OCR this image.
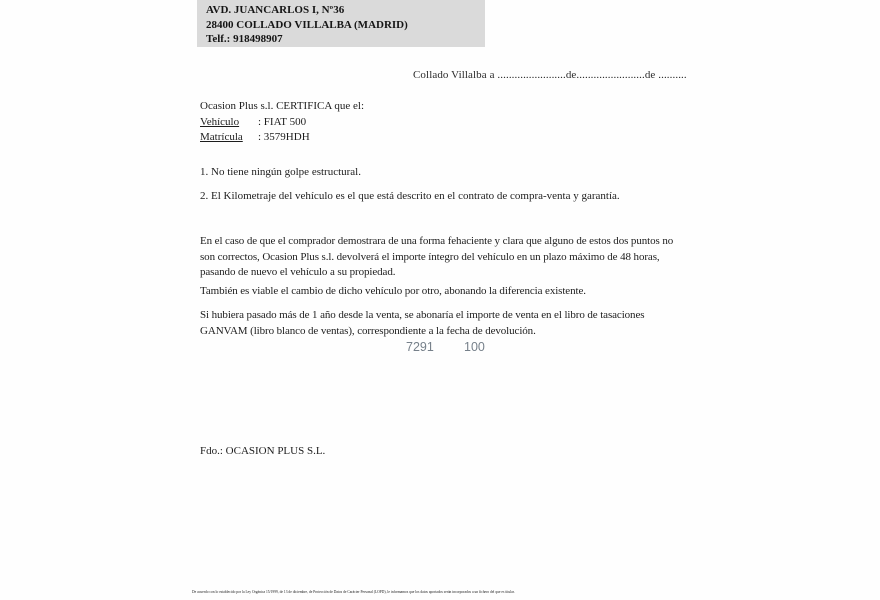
AVD. JUANCARLOS I, Nº36
28400 COLLADO VILLALBA (MADRID)
Telf.: 918498907
Collado Villalba a ........................de........................de ..........
Ocasion Plus s.l. CERTIFICA que el:
Vehículo : FIAT 500
Matrícula : 3579HDH
1. No tiene ningún golpe estructural.
2. El Kilometraje del vehículo es el que está descrito en el contrato de compra-venta y garantía.
En el caso de que el comprador demostrara de una forma fehaciente y clara que alguno de estos dos puntos no
son correctos, Ocasion Plus s.l. devolverá el importe íntegro del vehículo en un plazo máximo de 48 horas,
pasando de nuevo el vehículo a su propiedad.
También es viable el cambio de dicho vehículo por otro, abonando la diferencia existente.
Si hubiera pasado más de 1 año desde la venta, se abonaría el importe de venta en el libro de tasaciones
GANVAM (libro blanco de ventas), correspondiente a la fecha de devolución.
7291 100
Fdo.: OCASION PLUS S.L.
De acuerdo con lo establecido por la Ley Orgánica 15/1999, de 13 de diciembre, de Protección de Datos de Carácter Personal (LOPD), le informamos que los datos aportados serán incorporados a un fichero del que es titular.
